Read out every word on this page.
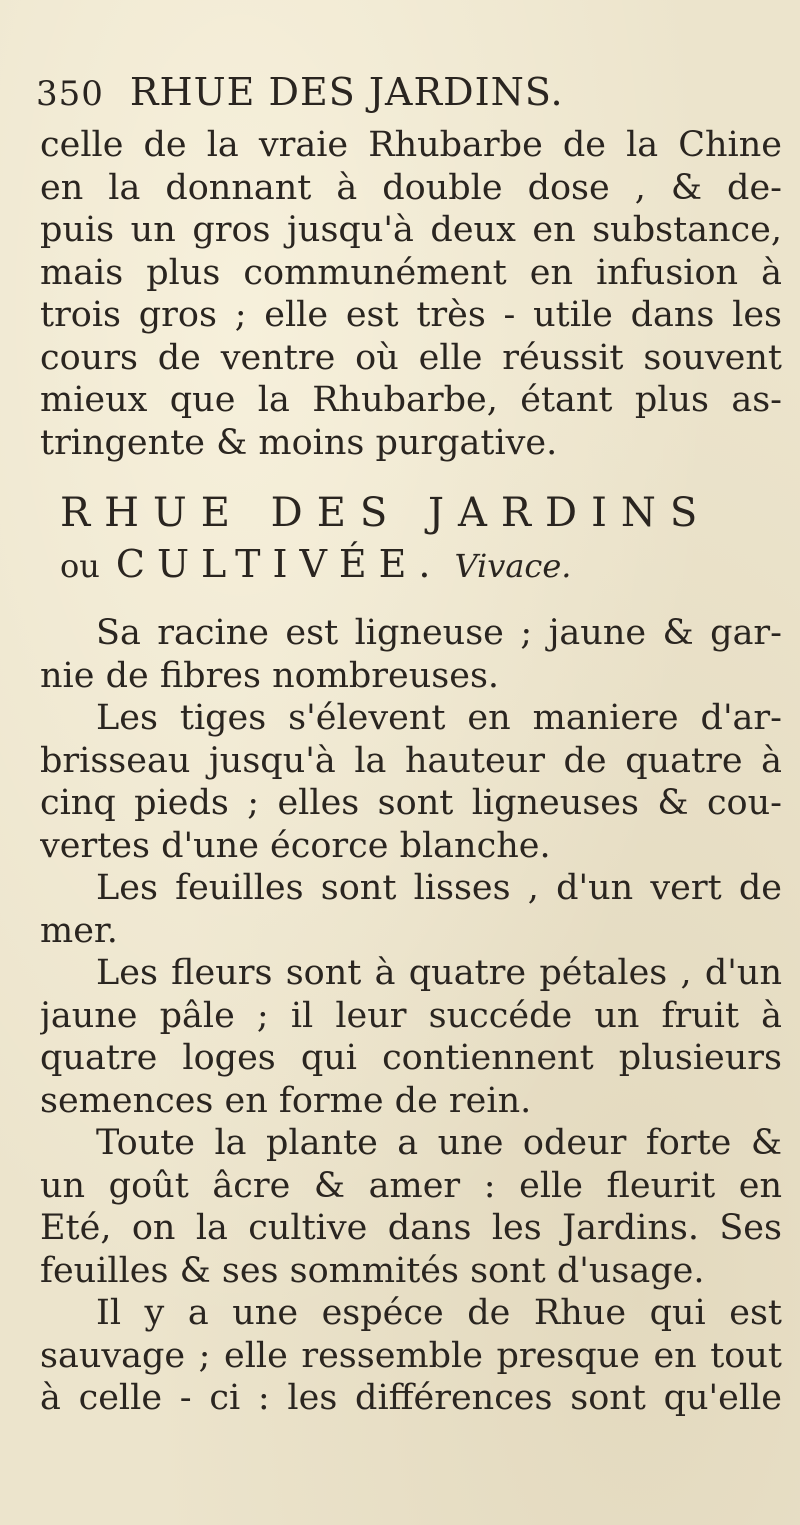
350 RHUE DES JARDINS.
celle de la vraie Rhubarbe de la Chine
en la donnant à double dose , & de-
puis un gros jusqu'à deux en substance,
mais plus communément en infusion à
trois gros ; elle est très - utile dans les
cours de ventre où elle réussit souvent
mieux que la Rhubarbe, étant plus as-
tringente & moins purgative.
RHUE DES JARDINS
ou CULTIVÉE. Vivace.
Sa racine est ligneuse ; jaune & gar-
nie de fibres nombreuses.
Les tiges s'élevent en maniere d'ar-
brisseau jusqu'à la hauteur de quatre à
cinq pieds ; elles sont ligneuses & cou-
vertes d'une écorce blanche.
Les feuilles sont lisses , d'un vert de
mer.
Les fleurs sont à quatre pétales , d'un
jaune pâle ; il leur succéde un fruit à
quatre loges qui contiennent plusieurs
semences en forme de rein.
Toute la plante a une odeur forte &
un goût âcre & amer : elle fleurit en
Eté, on la cultive dans les Jardins. Ses
feuilles & ses sommités sont d'usage.
Il y a une espéce de Rhue qui est
sauvage ; elle ressemble presque en tout
à celle - ci : les différences sont qu'elle
